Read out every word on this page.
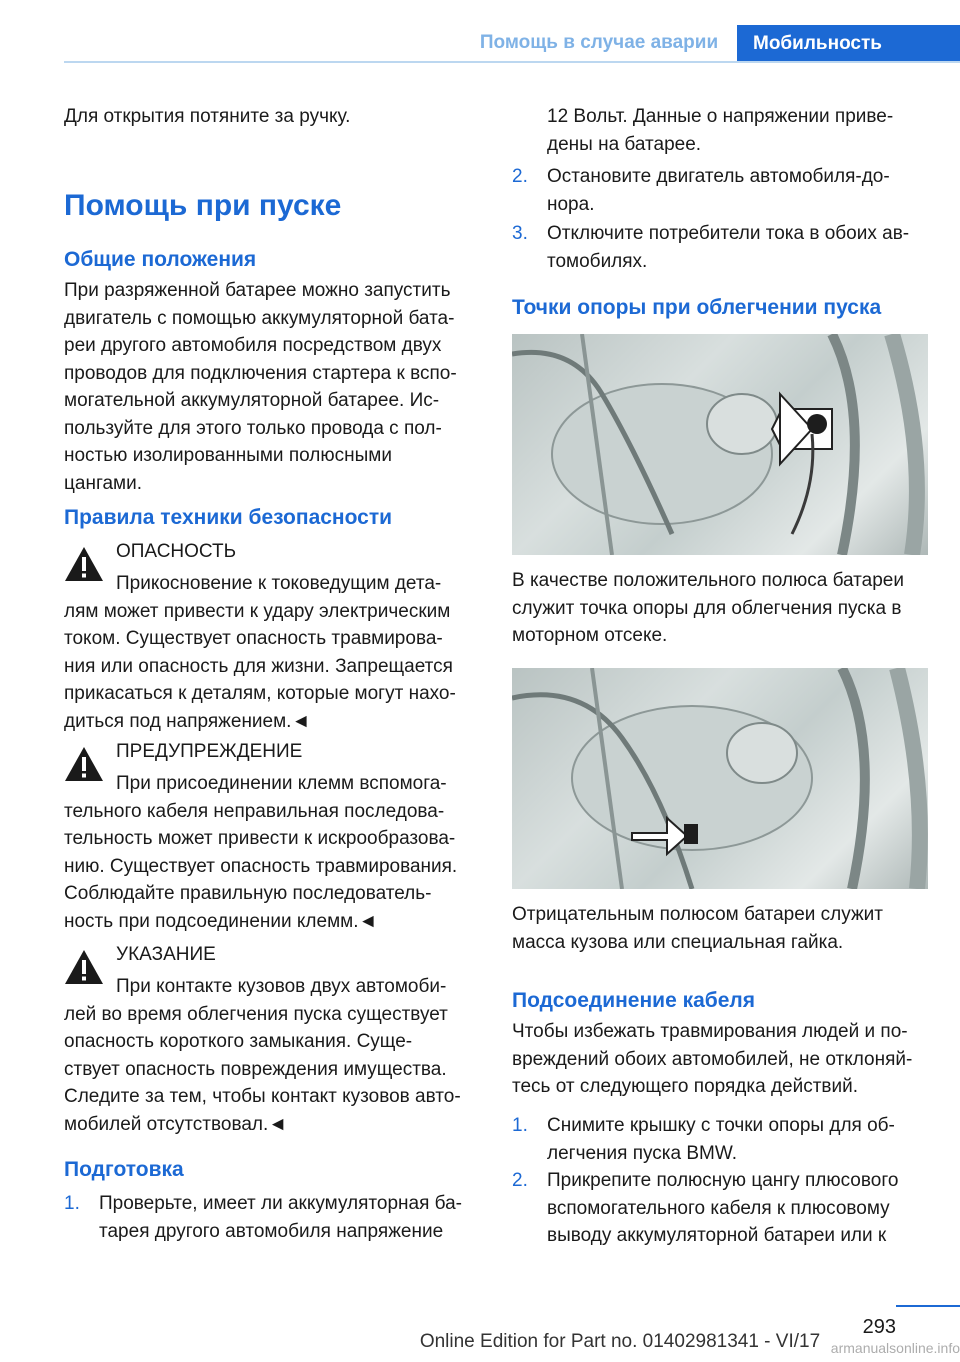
Помощь в случае аварии	Мобильность
Для открытия потяните за ручку.
Помощь при пуске
Общие положения
При разряженной батарее можно запустить
двигатель с помощью аккумуляторной бата-
реи другого автомобиля посредством двух
проводов для подключения стартера к вспо-
могательной аккумуляторной батарее. Ис-
пользуйте для этого только провода с пол-
ностью изолированными полюсными
цангами.
Правила техники безопасности
ОПАСНОСТЬ
Прикосновение к токоведущим дета-
лям может привести к удару электрическим
током. Существует опасность травмирова-
ния или опасность для жизни. Запрещается
прикасаться к деталям, которые могут нахо-
диться под напряжением.◄
ПРЕДУПРЕЖДЕНИЕ
При присоединении клемм вспомога-
тельного кабеля неправильная последова-
тельность может привести к искрообразова-
нию. Существует опасность травмирования.
Соблюдайте правильную последователь-
ность при подсоединении клемм.◄
УКАЗАНИЕ
При контакте кузовов двух автомоби-
лей во время облегчения пуска существует
опасность короткого замыкания. Суще-
ствует опасность повреждения имущества.
Следите за тем, чтобы контакт кузовов авто-
мобилей отсутствовал.◄
Подготовка
1. Проверьте, имеет ли аккумуляторная ба-
тарея другого автомобиля напряжение
12 Вольт. Данные о напряжении приве-
дены на батарее.
2. Остановите двигатель автомобиля-до-
нора.
3. Отключите потребители тока в обоих ав-
томобилях.
Точки опоры при облегчении пуска
В качестве положительного полюса батареи
служит точка опоры для облегчения пуска в
моторном отсеке.
Отрицательным полюсом батареи служит
масса кузова или специальная гайка.
Подсоединение кабеля
Чтобы избежать травмирования людей и по-
вреждений обоих автомобилей, не отклоняй-
тесь от следующего порядка действий.
1. Снимите крышку с точки опоры для об-
легчения пуска BMW.
2. Прикрепите полюсную цангу плюсового
вспомогательного кабеля к плюсовому
выводу аккумуляторной батареи или к
293
Online Edition for Part no. 01402981341 - VI/17 armanualsonline.info
